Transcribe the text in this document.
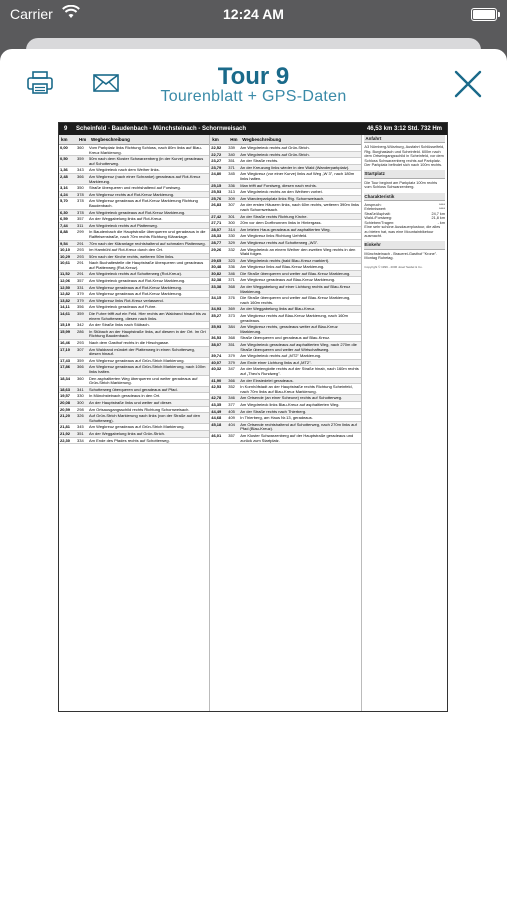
Carrier	12:24 AM
Tour 9
Tourenblatt + GPS-Daten
9	Scheinfeld - Baudenbach - Münchsteinach - Schornweisach	46,53 km 3:12 Std. 732 Hm
km	Hm	Wegbeschreibung
0,00	360	Vom Parkplatz links Richtung Schloss, nach 80m links auf Blau-Kreuz Markierung.
0,50	359	50m nach dem Kloster Schwarzenberg (in der Kurve) geradeaus auf Schotterweg.
1,36	343	Am Wegdreieck nach dem Weiher links.
2,48	366	Am Wegkreuz (nach einer Schranke) geradeaus auf Rot-Kreuz Markierung.
3,16	350	Straße überqueren und rechtshaltend auf Forstweg.
4,24	378	Am Wegkreuz rechts auf Rot-Kreuz Markierung.
5,70	378	Am Wegkreuz geradeaus auf Rot-Kreuz Markierung Richtung Baudenbach.
6,30	378	Am Wegdreieck geradeaus auf Rot-Kreuz Markierung.
6,59	357	An der Weggabelung links auf Rot-Kreuz.
7,44	311	Am Wegdreieck rechts auf Plattenweg.
8,88	299	In Baudenbach die Hauptstraße überqueren und geradeaus in die Raiffeisenstraße, nach 70m rechts Richtung Kläranlage.
9,54	291	70m nach der Kläranlage rechtshaltend auf schmalen Plattenweg.
10,10	293	Im Hambühl auf Rot-Kreuz durch den Ort.
10,29	293	50m nach der Kirche rechts, weiteren 50m links.
10,61	291	Nach Buchaltestelle die Hauptstraße überqueren und geradeaus auf Plattenweg (Rot-Kreuz).
11,52	291	Am Wegdreieck rechts auf Schotterweg (Rot-Kreuz).
12,06	357	Am Wegdreieck geradeaus auf Rot-Kreuz Markierung.
12,50	331	Am Wegkreuz geradeaus auf Rot-Kreuz Markierung.
12,82	379	Am Wegkreuz geradeaus auf Rot-Kreuz Markierung.
13,82	379	Am Wegkreuz links Rot-Kreuz verlassend.
14,11	356	Am Wegdreieck geradeaus auf Fuhre.
14,61	359	Die Fuhre trifft auf ein Feld. Hier rechts am Waldrand hinauf bis zu einem Schotterweg, diesen nach links.
15,19	342	An der Straße links nach Stübach.
15,99	286	In Stübach an der Hauptstraße links, auf diesem in der Ort. Im Ort Richtung Baudenbach.
16,46	293	Nach dem Gasthof rechts in die Hirschgasse.
17,10	307	Am Waldrand mündet der Plattenweg in einen Schotterweg, diesen hinauf.
17,43	359	Am Wegkreuz geradeaus auf Grün-Strich Markierung.
17,86	366	Am Wegkreuz geradeaus auf Grün-Strich Markierung, nach 100m links halten.
18,34	360	Den asphaltierten Weg überqueren und weiter geradeaus auf Grün-Strich Markierung.
18,63	341	Schotterweg überqueren und geradeaus auf Pfad.
19,57	330	In Münchsteinach geradeaus in den Ort.
20,08	300	An der Hauptstraße links und weiter auf dieser.
20,59	298	Am Ortsausgangsschild rechts Richtung Schornweisach.
21,20	326	Auf Grün-Strich Markierung nach links (von der Straße auf den Schotterweg).
21,81	345	Am Wegkreuz geradeaus auf Grün-Strich Markierung.
21,92	351	An der Weggabelung links auf Grün-Strich.
22,30	334	Am Ende des Pfades rechts auf Schotterweg.
km	Hm	Wegbeschreibung
22,52	339	Am Wegdreieck rechts auf Grün-Strich.
22,72	340	Am Wegdreieck rechts auf Grün-Strich.
23,27	351	An der Straße rechts.
23,79	371	An der Kreuzung links wieder in den Wald (Wanderparkplatz).
24,80	345	Am Wegkreuz (vor einer Kurve) links auf Weg „W 3", nach 180m links halten.
25,15	336	Man trifft auf Forstweg, diesen nach rechts.
25,53	313	Am Wegdreieck rechts an den Weihern vorbei.
25,76	309	Am Wanderparkplatz links Rtg. Schornweisach.
26,83	307	An der ersten Häusern links, nach 60m rechts, weiteren 390m links nach Schornweisach.
27,42	301	An der Straße rechts Richtung Kirche.
27,71	300	20m vor dem Dorfbrunnen links in Hintergass.
28,07	314	Am letzten Haus geradeaus auf asphaltierten Weg.
28,33	330	Am Wegkreuz links Richtung Uehfeld.
28,77	329	Am Wegkreuz rechts auf Schotterweg „W3".
29,26	332	Am Wegdreieck an einem Weiher den zweiten Weg rechts in den Wald folgen.
29,65	323	Am Wegdreieck rechts (bald Blau-Kreuz markiert).
30,48	336	Am Wegkreuz links auf Blau-Kreuz Markierung.
30,82	346	Die Straße überqueren und weiter auf Blau-Kreuz Markierung.
32,38	371	Am Wegkreuz geradeaus auf Blau-Kreuz Markierung.
33,38	368	An der Weggabelung auf einer Lichtung rechts auf Blau-Kreuz Markierung.
34,15	376	Die Straße überqueren und weiter auf Blau-Kreuz Markierung, nach 160m rechts.
34,93	369	An der Weggabelung links auf Blau-Kreuz.
35,27	373	Am Wegkreuz rechts auf Blau-Kreuz Markierung, nach 160m geradeaus.
35,93	384	Am Wegkreuz rechts, geradeaus weiter auf Blau-Kreuz Markierung.
36,53	368	Straße überqueren und geradeaus auf Blau-Kreuz.
38,07	351	Am Wegdreieck geradeaus auf asphaltierten Weg, nach 270m die Straße überqueren und weiter auf Wirtschaftsweg.
39,74	379	Am Wegdreieck rechts auf „MT2" Markierung.
40,07	379	Am Ende einer Lichtung links auf „MT2".
40,32	347	An der Marienglotte rechts auf der Straße hinab, nach 160m rechts auf „Theo's Rundweg".
41,90	366	An der Einsiedelei geradeaus.
42,53	352	In Kornhöfstadt an der Hauptstraße rechts Richtung Scheinfeld, nach 70m links auf Blau-Kreuz Markierung.
42,78	346	Am Ortsende (an einer Scheune) rechts auf Schotterweg.
43,35	377	Am Wegdreieck links Blau-Kreuz auf asphaltierten Weg.
44,49	405	An der Straße rechts nach Thierberg.
44,68	409	In Thierberg, am Haus Nr.13, geradeaus.
45,18	404	Am Ortsende rechtshaltend auf Schotterweg, nach 270m links auf Pfad (Blau-Kreuz).
46,01	357	Am Kloster Schwarzenberg auf der Hauptstraße geradeaus und zurück zum Startplatz.
Anfahrt

A3 Nürnberg-Würzburg, Ausfahrt Schlüsselfeld, Rtg. Burghaslach und Scheinfeld. 600m nach dem Ortseingangsschild in Scheinfeld, vor dem Schloss Schwarzenberg rechts auf Parkplatz. Der Parkplatz befindet sich nach 100m rechts.

Startplatz

Die Tour beginnt am Parkplatz 100m rechts vom Schloss Schwarzenberg.

Charakteristik
Anspruch:	****
Erlebniswert:	****
Straße/Asphalt:	24,7 km
Wald-/Forstweg:	21,8 km
Schieben/Tragen:	- km

Eine sehr schöne Ausdauerplustour, die alles zu bieten hat, was eine Mountainbiketour ausmacht.

Einkehr

Münchsteinach - Brauerei-Gasthof "Krone". Montag Ruhetag.

Copyright © 1999 - 2006 Josef Seidel & Co.
